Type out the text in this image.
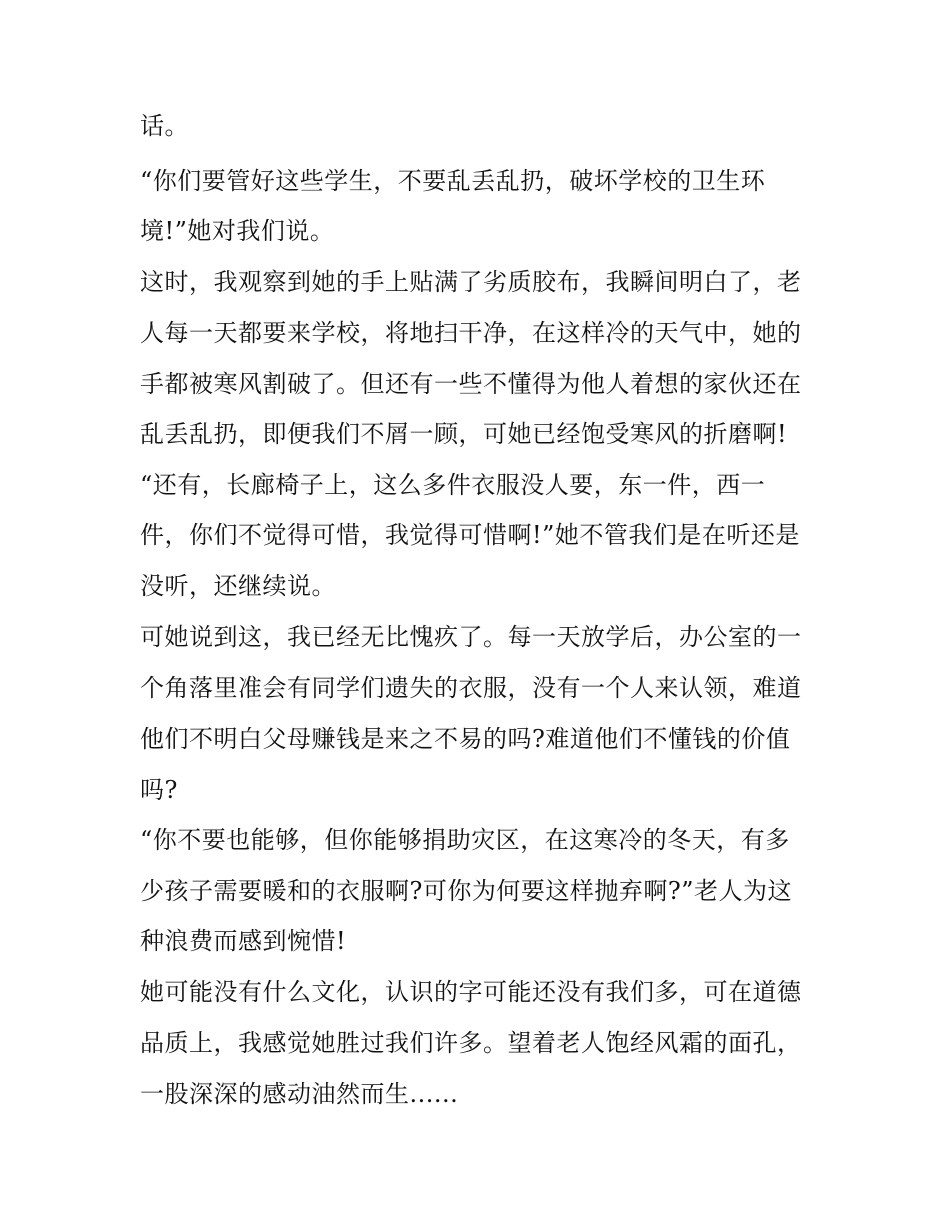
话。
“你们要管好这些学生，不要乱丢乱扔，破坏学校的卫生环
境!”她对我们说。
这时，我观察到她的手上贴满了劣质胶布，我瞬间明白了，老
人每一天都要来学校，将地扫干净，在这样冷的天气中，她的
手都被寒风割破了。但还有一些不懂得为他人着想的家伙还在
乱丢乱扔，即便我们不屑一顾，可她已经饱受寒风的折磨啊!
“还有，长廊椅子上，这么多件衣服没人要，东一件，西一
件，你们不觉得可惜，我觉得可惜啊!”她不管我们是在听还是
没听，还继续说。
可她说到这，我已经无比愧疚了。每一天放学后，办公室的一
个角落里准会有同学们遗失的衣服，没有一个人来认领，难道
他们不明白父母赚钱是来之不易的吗?难道他们不懂钱的价值
吗?
“你不要也能够，但你能够捐助灾区，在这寒冷的冬天，有多
少孩子需要暖和的衣服啊?可你为何要这样抛弃啊?”老人为这
种浪费而感到惋惜!
她可能没有什么文化，认识的字可能还没有我们多，可在道德
品质上，我感觉她胜过我们许多。望着老人饱经风霜的面孔，
一股深深的感动油然而生......
